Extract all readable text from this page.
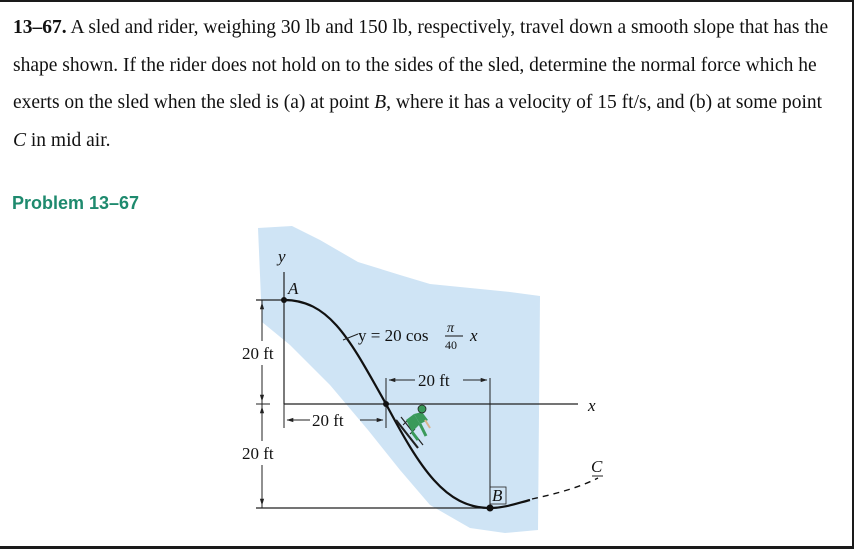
13–67. A sled and rider, weighing 30 lb and 150 lb, respectively, travel down a smooth slope that has the shape shown. If the rider does not hold on to the sides of the sled, determine the normal force which he exerts on the sled when the sled is (a) at point B, where it has a velocity of 15 ft/s, and (b) at some point C in mid air.
Problem 13–67
20 ft
20 ft
y
x
20 ft
20 ft
A
B
C
y = 20 cos π
40 x
